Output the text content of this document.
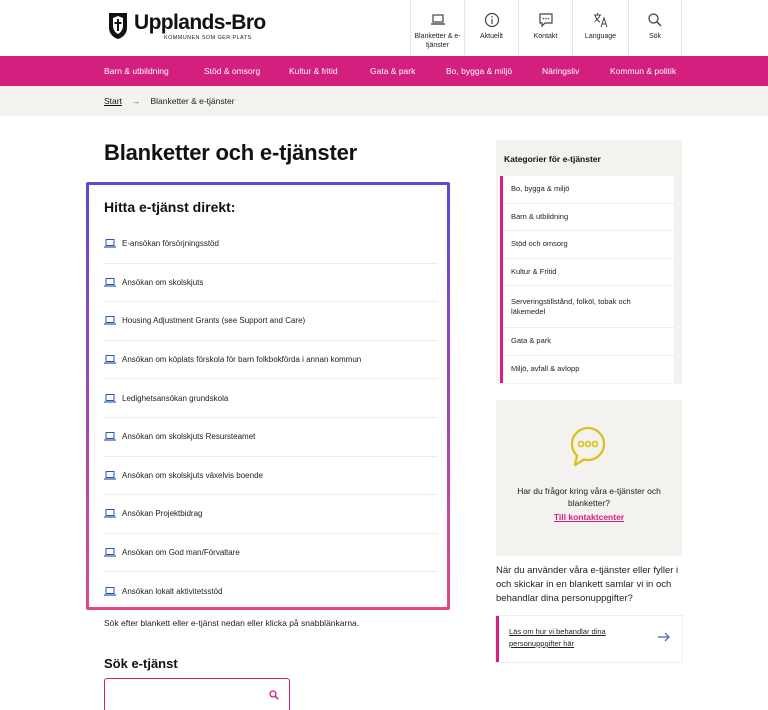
Upplands-Bro
KOMMUNEN SOM GER PLATS	Blanketter & e-tjänster
Aktuellt	Kontakt	Language	Sök
Barn & utbildning	Stöd & omsorg	Kultur & fritid	Gata & park	Bo, bygga & miljö	Näringsliv	Kommun & politik
Start → Blanketter & e-tjänster
Blanketter och e-tjänster
Hitta e-tjänst direkt:
E-ansökan försörjningsstöd
Ansökan om skolskjuts
Housing Adjustment Grants (see Support and Care)
Ansökan om köplats förskola för barn folkbokförda i annan kommun
Ledighetsansökan grundskola
Ansökan om skolskjuts Resursteamet
Ansökan om skolskjuts växelvis boende
Ansökan Projektbidrag
Ansökan om God man/Förvaltare
Ansökan lokalt aktivitetsstöd
Sök efter blankett eller e-tjänst nedan eller klicka på snabblänkarna.
Sök e-tjänst
Kategorier för e-tjänster
Bo, bygga & miljö
Barn & utbildning
Stöd och omsorg
Kultur & Fritid
Serveringstillstånd, folköl, tobak och läkemedel
Gata & park
Miljö, avfall & avlopp
Har du frågor kring våra e-tjänster och blanketter?
Till kontaktcenter
När du använder våra e-tjänster eller fyller i och skickar in en blankett samlar vi in och behandlar dina personuppgifter?
Läs om hur vi behandlar dina personuppgifter här
